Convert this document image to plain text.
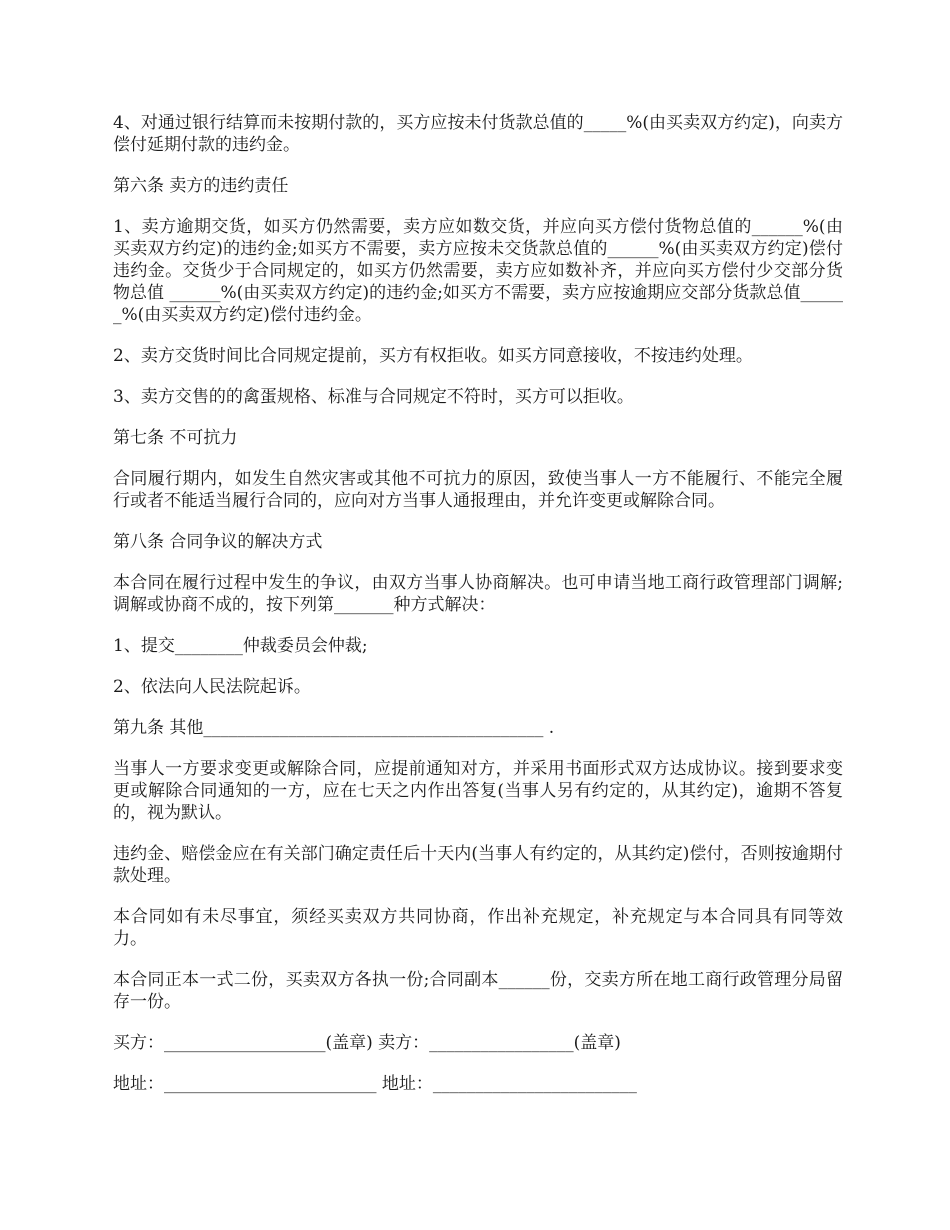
4、对通过银行结算而未按期付款的，买方应按未付货款总值的_____%(由买卖双方约定)，向卖方偿付延期付款的违约金。

第六条 卖方的违约责任

1、卖方逾期交货，如买方仍然需要，卖方应如数交货，并应向买方偿付货物总值的______%(由买卖双方约定)的违约金;如买方不需要，卖方应按未交货款总值的______%(由买卖双方约定)偿付违约金。交货少于合同规定的，如买方仍然需要，卖方应如数补齐，并应向买方偿付少交部分货物总值 ______%(由买卖双方约定)的违约金;如买方不需要，卖方应按逾期应交部分货款总值______%(由买卖双方约定)偿付违约金。

2、卖方交货时间比合同规定提前，买方有权拒收。如买方同意接收，不按违约处理。

3、卖方交售的的禽蛋规格、标准与合同规定不符时，买方可以拒收。

第七条 不可抗力

合同履行期内，如发生自然灾害或其他不可抗力的原因，致使当事人一方不能履行、不能完全履行或者不能适当履行合同的，应向对方当事人通报理由，并允许变更或解除合同。

第八条 合同争议的解决方式

本合同在履行过程中发生的争议，由双方当事人协商解决。也可申请当地工商行政管理部门调解;调解或协商不成的，按下列第_______种方式解决：

1、提交________仲裁委员会仲裁;

2、依法向人民法院起诉。

第九条 其他________________________________________ .

当事人一方要求变更或解除合同，应提前通知对方，并采用书面形式双方达成协议。接到要求变更或解除合同通知的一方，应在七天之内作出答复(当事人另有约定的，从其约定)，逾期不答复的，视为默认。

违约金、赔偿金应在有关部门确定责任后十天内(当事人有约定的，从其约定)偿付，否则按逾期付款处理。

本合同如有未尽事宜，须经买卖双方共同协商，作出补充规定，补充规定与本合同具有同等效力。

本合同正本一式二份，买卖双方各执一份;合同副本______份，交卖方所在地工商行政管理分局留存一份。

买方：___________________(盖章) 卖方：_________________(盖章)

地址：_________________________ 地址：________________________
